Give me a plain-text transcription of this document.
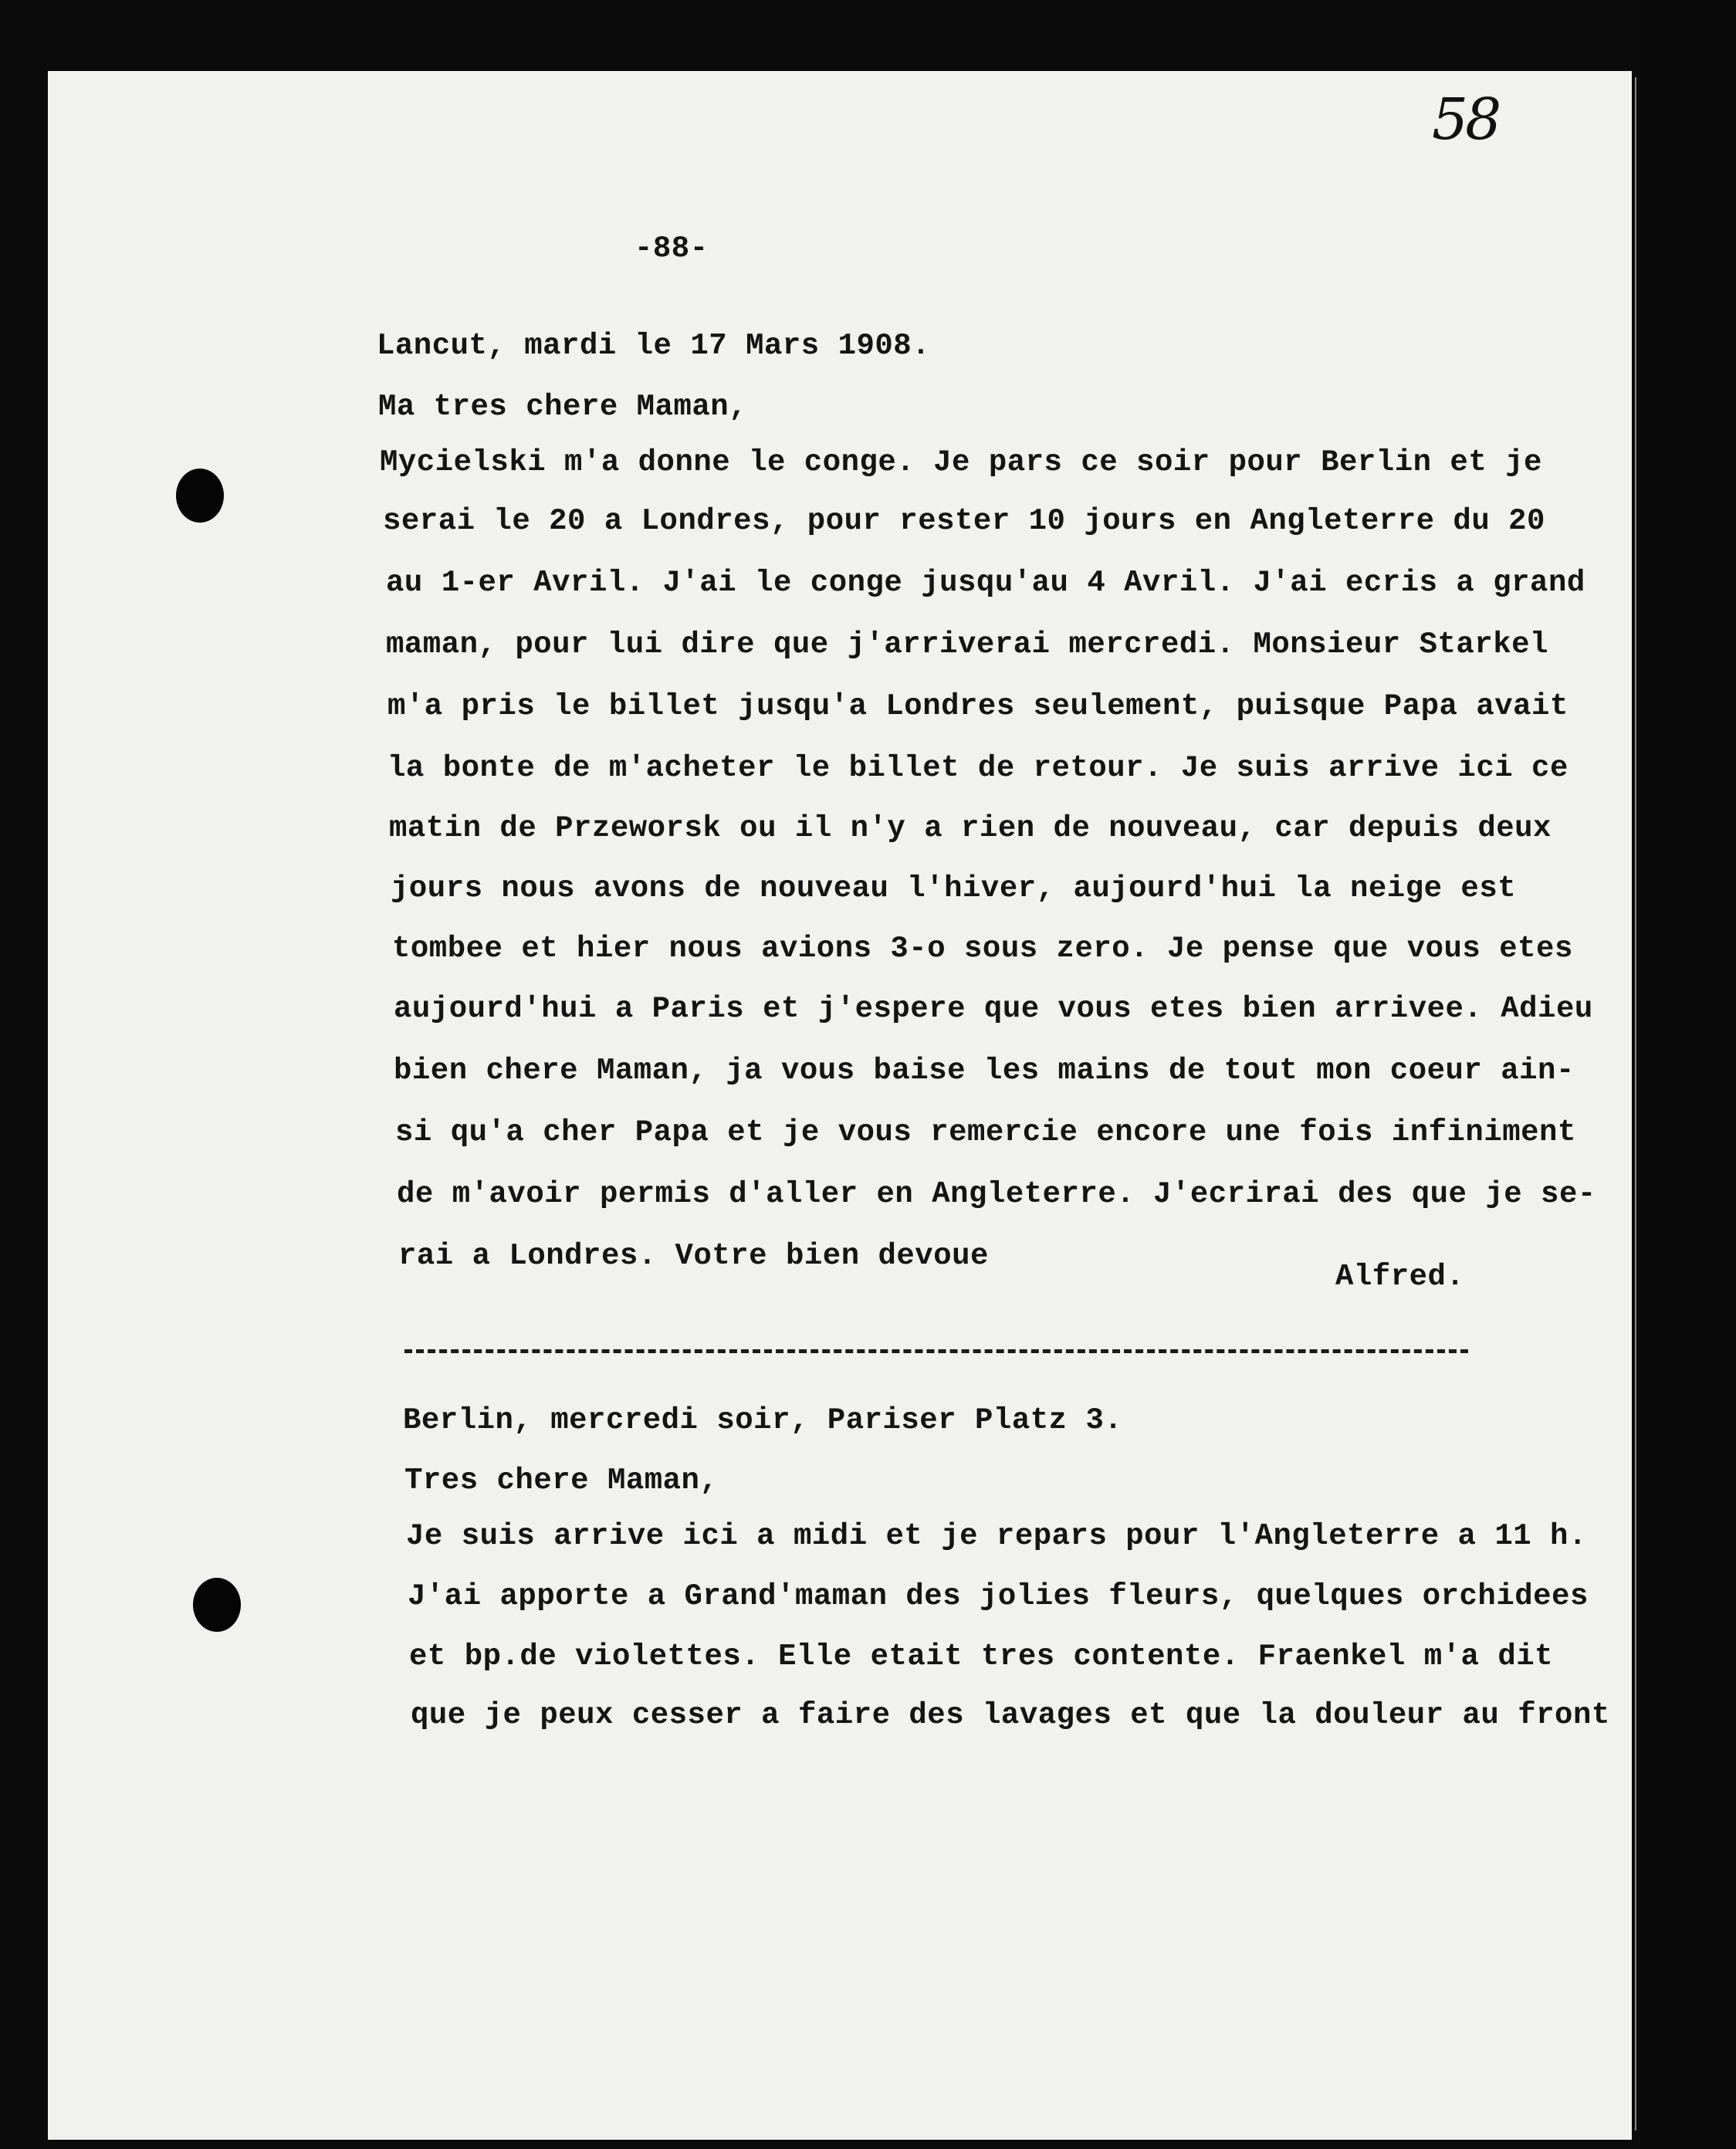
58
-88-
Lancut, mardi le 17 Mars 1908.
Ma tres chere Maman,
Mycielski m'a donne le conge. Je pars ce soir pour Berlin et je
serai le 20 a Londres, pour rester 10 jours en Angleterre du 20
au 1-er Avril. J'ai le conge jusqu'au 4 Avril. J'ai ecris a grand
maman, pour lui dire que j'arriverai mercredi. Monsieur Starkel
m'a pris le billet jusqu'a Londres seulement, puisque Papa avait
la bonte de m'acheter le billet de retour. Je suis arrive ici ce
matin de Przeworsk ou il n'y a rien de nouveau, car depuis deux
jours nous avons de nouveau l'hiver, aujourd'hui la neige est
tombee et hier nous avions 3-o sous zero. Je pense que vous etes
aujourd'hui a Paris et j'espere que vous etes bien arrivee. Adieu
bien chere Maman, ja vous baise les mains de tout mon coeur ain-
si qu'a cher Papa et je vous remercie encore une fois infiniment
de m'avoir permis d'aller en Angleterre. J'ecrirai des que je se-
rai a Londres. Votre bien devoue
Alfred.
Berlin, mercredi soir, Pariser Platz 3.
Tres chere Maman,
Je suis arrive ici a midi et je repars pour l'Angleterre a 11 h.
J'ai apporte a Grand'maman des jolies fleurs, quelques orchidees
et bp.de violettes. Elle etait tres contente. Fraenkel m'a dit
que je peux cesser a faire des lavages et que la douleur au front
